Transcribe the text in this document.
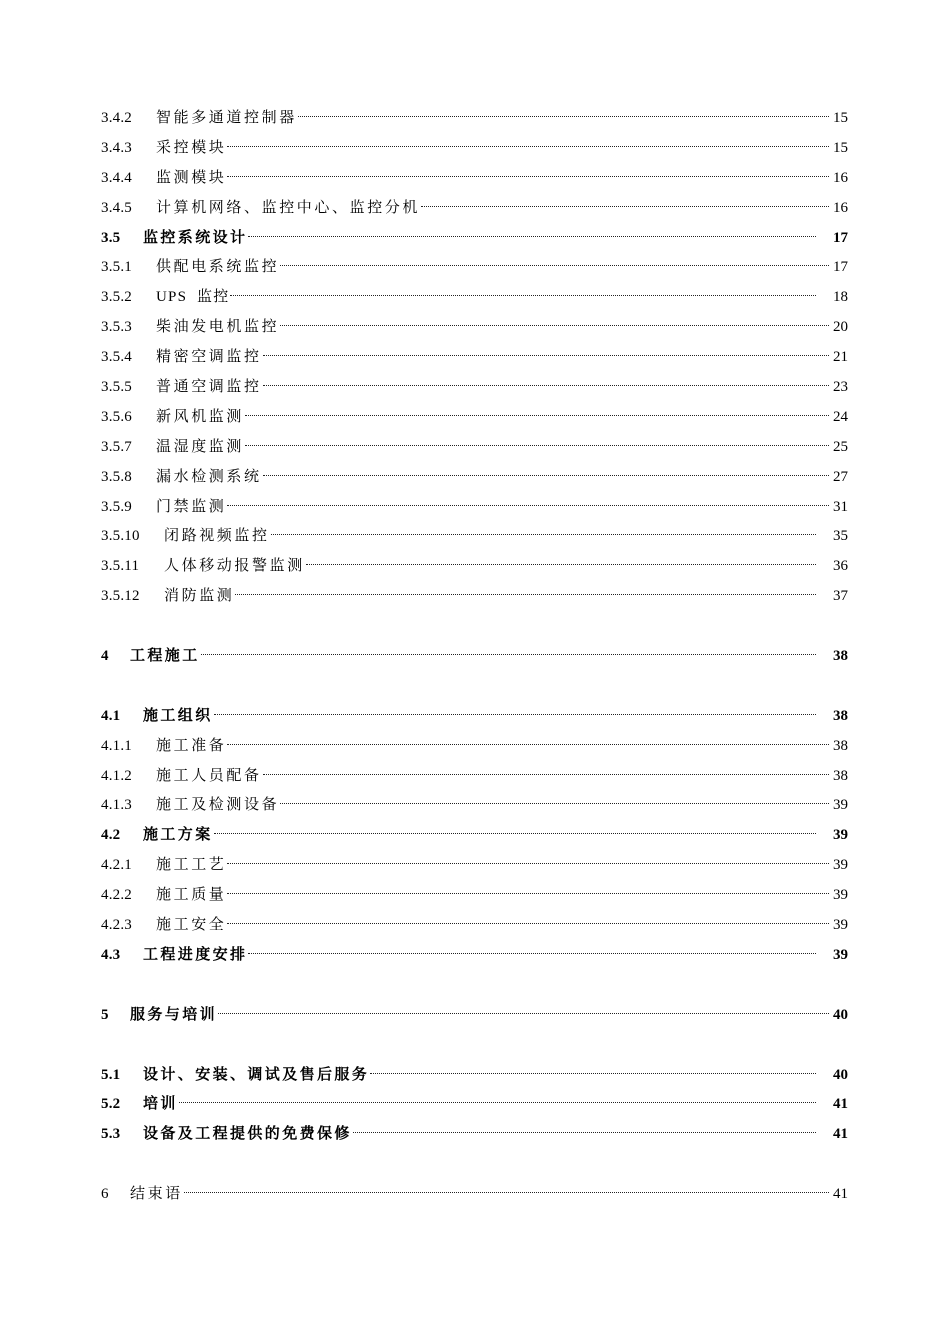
3.4.2	智能多通道控制器	15
3.4.3	采控模块	15
3.4.4	监测模块	16
3.4.5	计算机网络、监控中心、监控分机	16
3.5	监控系统设计	17
3.5.1	供配电系统监控	17
3.5.2	UPS  监控	18
3.5.3	柴油发电机监控	20
3.5.4	精密空调监控	21
3.5.5	普通空调监控	23
3.5.6	新风机监测	24
3.5.7	温湿度监测	25
3.5.8	漏水检测系统	27
3.5.9	门禁监测	31
3.5.10	闭路视频监控	35
3.5.11	人体移动报警监测	36
3.5.12	消防监测	37
4	工程施工	38
4.1	施工组织	38
4.1.1	施工准备	38
4.1.2	施工人员配备	38
4.1.3	施工及检测设备	39
4.2	施工方案	39
4.2.1	施工工艺	39
4.2.2	施工质量	39
4.2.3	施工安全	39
4.3	工程进度安排	39
5	服务与培训	40
5.1	设计、安装、调试及售后服务	40
5.2	培训	41
5.3	设备及工程提供的免费保修	41
6	结束语	41
